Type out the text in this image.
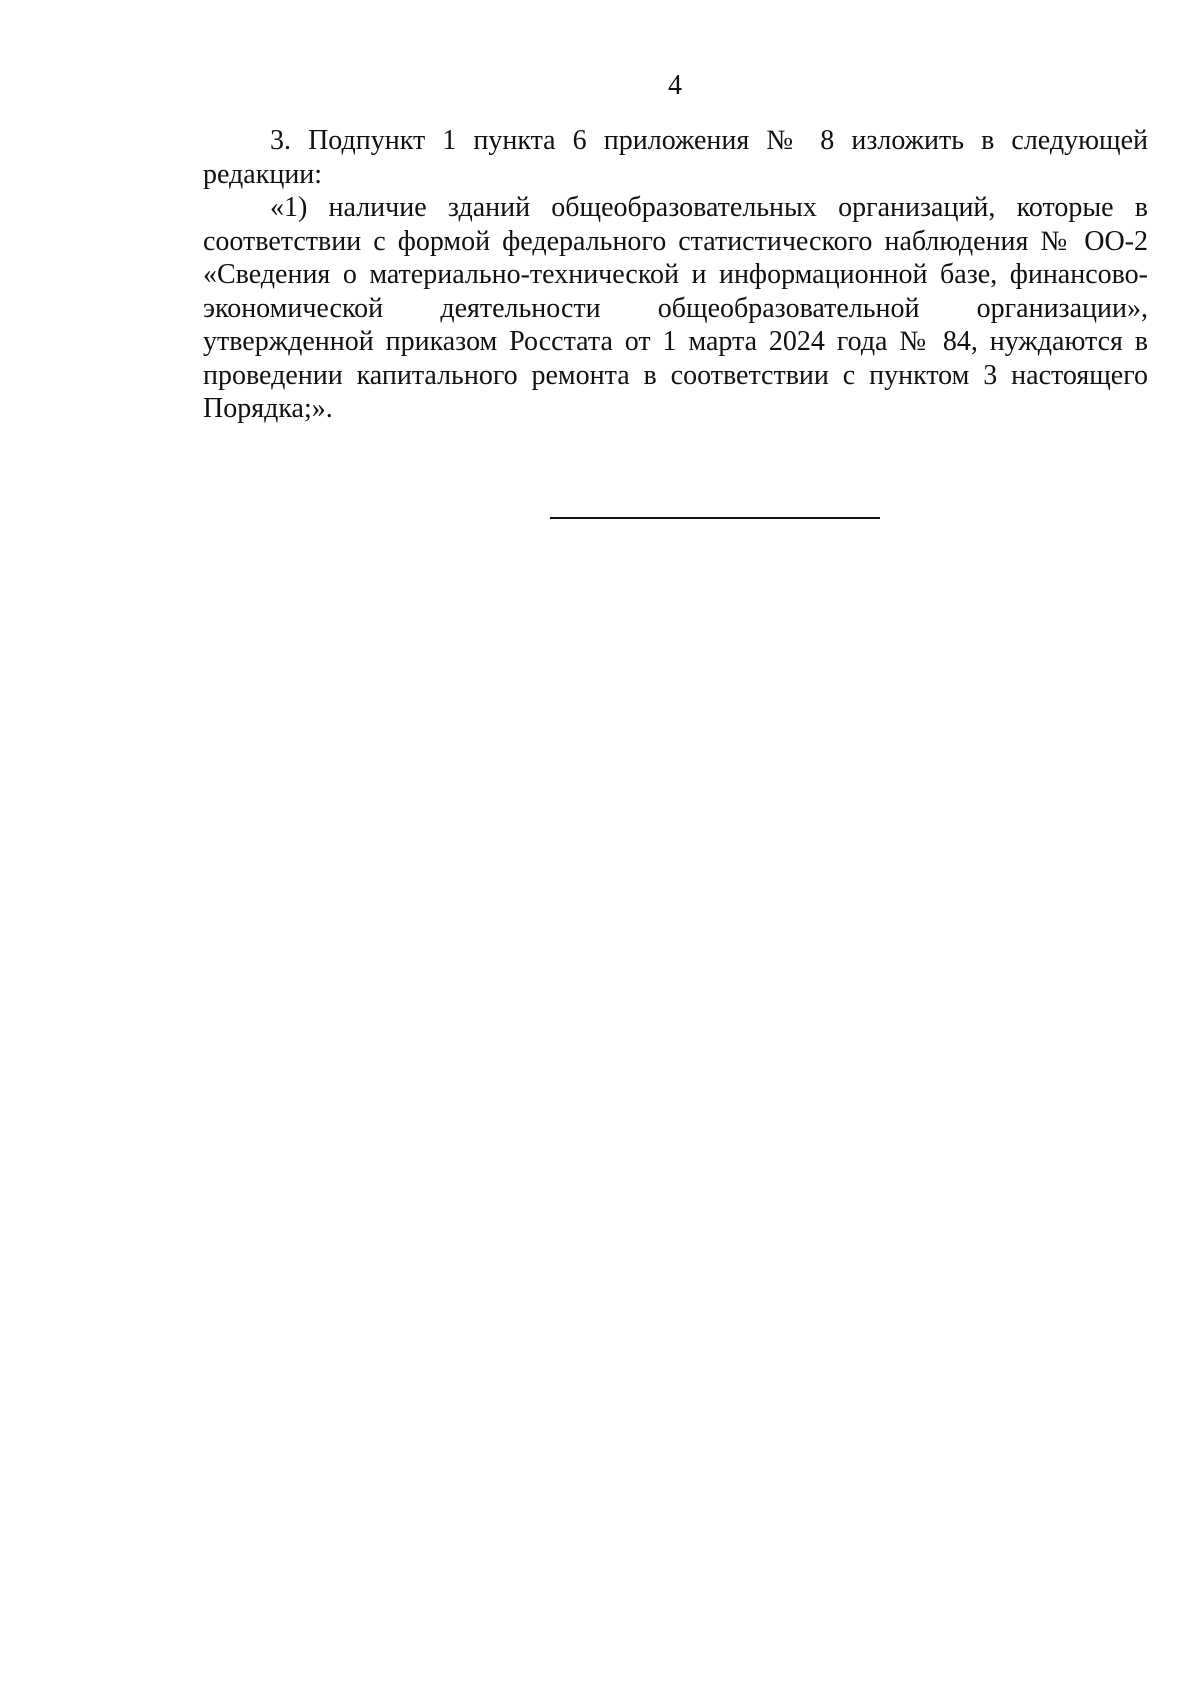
4

3. Подпункт 1 пункта 6 приложения № 8 изложить в следующей редакции:

«1) наличие зданий общеобразовательных организаций, которые в соответствии с формой федерального статистического наблюдения № ОО-2 «Сведения о материально-технической и информационной базе, финансово-экономической деятельности общеобразовательной организации», утвержденной приказом Росстата от 1 марта 2024 года № 84, нуждаются в проведении капитального ремонта в соответствии с пунктом 3 настоящего Порядка;».
